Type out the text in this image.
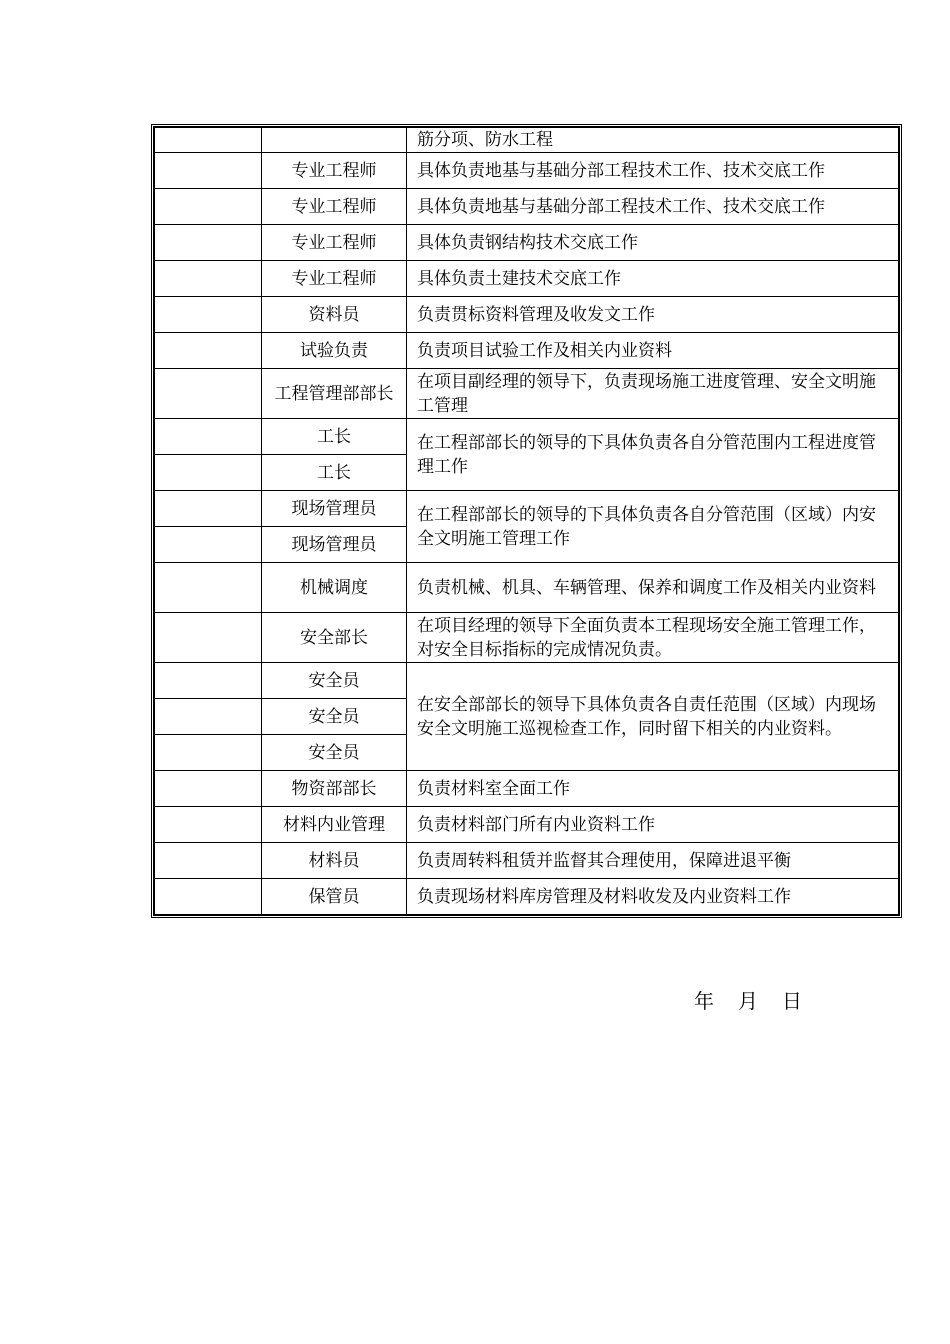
		筋分项、防水工程
	专业工程师	具体负责地基与基础分部工程技术工作、技术交底工作
	专业工程师	具体负责地基与基础分部工程技术工作、技术交底工作
	专业工程师	具体负责钢结构技术交底工作
	专业工程师	具体负责土建技术交底工作
	资料员	负责贯标资料管理及收发文工作
	试验负责	负责项目试验工作及相关内业资料
	工程管理部部长	在项目副经理的领导下，负责现场施工进度管理、安全文明施工管理
	工长	在工程部部长的领导的下具体负责各自分管范围内工程进度管理工作
	工长	
	现场管理员	在工程部部长的领导的下具体负责各自分管范围（区域）内安全文明施工管理工作
	现场管理员	
	机械调度	负责机械、机具、车辆管理、保养和调度工作及相关内业资料
	安全部长	在项目经理的领导下全面负责本工程现场安全施工管理工作，对安全目标指标的完成情况负责。
	安全员	在安全部部长的领导下具体负责各自责任范围（区域）内现场安全文明施工巡视检查工作，同时留下相关的内业资料。
	安全员	
	安全员	
	物资部部长	负责材料室全面工作
	材料内业管理	负责材料部门所有内业资料工作
	材料员	负责周转料租赁并监督其合理使用，保障进退平衡
	保管员	负责现场材料库房管理及材料收发及内业资料工作
年 月 日
